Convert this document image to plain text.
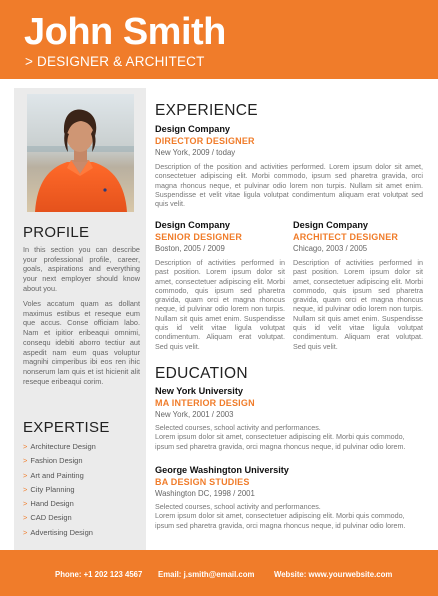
John Smith
> DESIGNER & ARCHITECT
PROFILE

In this section you can describe your professional profile, career, goals, aspirations and everything your next employer should know about you.

Voles accatum quam as dollant maximus estibus et reseque eum que accus. Conse officiam labo. Nam et ipitior eribeaqui omnimi, consequ idebiti aborro tectiur aut aspedit nam eum quas voluptur magnihi cimperibus ibi eos ren ihic nonserum lam quis et ist hicienit alit reseque eribeaqui corim.

EXPERTISE
> Architecture Design
> Fashion Design
> Art and Painting
> City Planning
> Hand Design
> CAD Design
> Advertising Design
EXPERIENCE
Design Company
DIRECTOR DESIGNER
New York, 2009 / today

Description of the position and activities performed. Lorem ipsum dolor sit amet, consectetuer adipiscing elit. Morbi commodo, ipsum sed pharetra gravida, orci magna rhoncus neque, et pulvinar odio lorem non turpis. Nullam sit amet enim. Suspendisse et velit vitae ligula volutpat condimentum aliquam erat volutpat sed quis velit.

Design Company
SENIOR DESIGNER
Boston, 2005 / 2009

Description of activities performed in past position. Lorem ipsum dolor sit amet, consectetuer adipiscing elit. Morbi commodo, quis ipsum sed pharetra gravida, quam orci et magna rhoncus neque, id pulvinar odio lorem non turpis. Nullam sit quis amet enim. Suspendisse quis id velit vitae ligula volutpat condimentum. Aliquam erat volutpat. Sed quis velit.

Design Company
ARCHITECT DESIGNER
Chicago, 2003 / 2005

Description of activities performed in past position. Lorem ipsum dolor sit amet, consectetuer adipiscing elit. Morbi commodo, quis ipsum sed pharetra gravida, quam orci et magna rhoncus neque, id pulvinar odio lorem non turpis. Nullam sit quis amet enim. Suspendisse quis id velit vitae ligula volutpat condimentum. Aliquam erat volutpat. Sed quis velit.

EDUCATION
New York University
MA INTERIOR DESIGN
New York, 2001 / 2003

Selected courses, school activity and performances.
Lorem ipsum dolor sit amet, consectetuer adipiscing elit. Morbi quis commodo, ipsum sed pharetra gravida, orci magna rhoncus neque, id pulvinar odio lorem.

George Washington University
BA DESIGN STUDIES
Washington DC, 1998 / 2001

Selected courses, school activity and performances.
Lorem ipsum dolor sit amet, consectetuer adipiscing elit. Morbi quis commodo, ipsum sed pharetra gravida, orci magna rhoncus neque, id pulvinar odio lorem.

Phone: +1 202 123 4567 Email: j.smith@email.com	Website: www.yourwebsite.com
